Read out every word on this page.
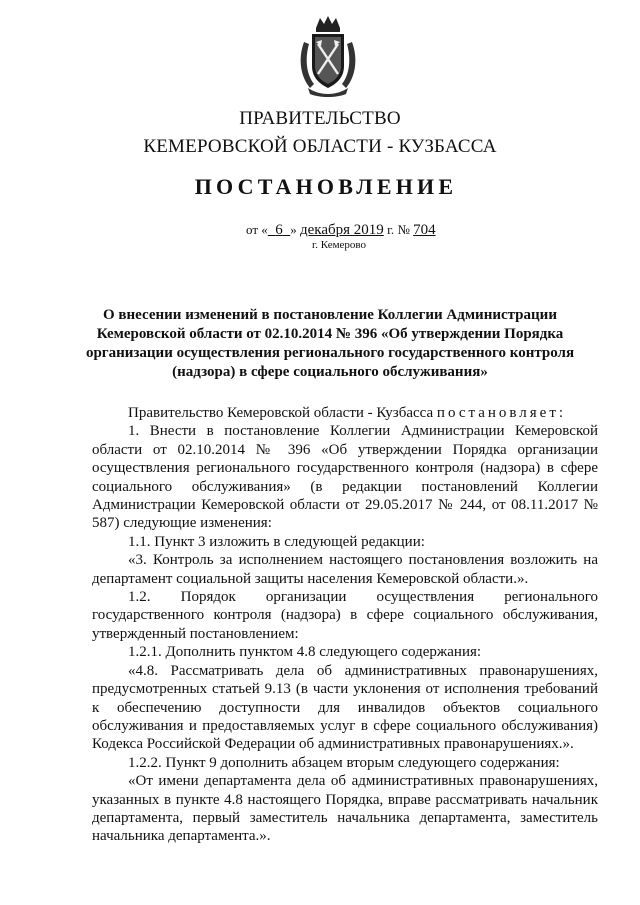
ПРАВИТЕЛЬСТВО
КЕМЕРОВСКОЙ ОБЛАСТИ - КУЗБАССА
ПОСТАНОВЛЕНИЕ
от « 6 » декабря 2019 г. № 704
г. Кемерово
О внесении изменений в постановление Коллегии Администрации Кемеровской области от 02.10.2014 № 396 «Об утверждении Порядка организации осуществления регионального государственного контроля (надзора) в сфере социального обслуживания»

Правительство Кемеровской области - Кузбасса постановляет:

1. Внести в постановление Коллегии Администрации Кемеровской области от 02.10.2014 № 396 «Об утверждении Порядка организации осуществления регионального государственного контроля (надзора) в сфере социального обслуживания» (в редакции постановлений Коллегии Администрации Кемеровской области от 29.05.2017 № 244, от 08.11.2017 № 587) следующие изменения:

1.1. Пункт 3 изложить в следующей редакции:

«3. Контроль за исполнением настоящего постановления возложить на департамент социальной защиты населения Кемеровской области.».

1.2. Порядок организации осуществления регионального государственного контроля (надзора) в сфере социального обслуживания, утвержденный постановлением:

1.2.1. Дополнить пунктом 4.8 следующего содержания:

«4.8. Рассматривать дела об административных правонарушениях, предусмотренных статьей 9.13 (в части уклонения от исполнения требований к обеспечению доступности для инвалидов объектов социального обслуживания и предоставляемых услуг в сфере социального обслуживания) Кодекса Российской Федерации об административных правонарушениях.».

1.2.2. Пункт 9 дополнить абзацем вторым следующего содержания:

«От имени департамента дела об административных правонарушениях, указанных в пункте 4.8 настоящего Порядка, вправе рассматривать начальник департамента, первый заместитель начальника департамента, заместитель начальника департамента.».
